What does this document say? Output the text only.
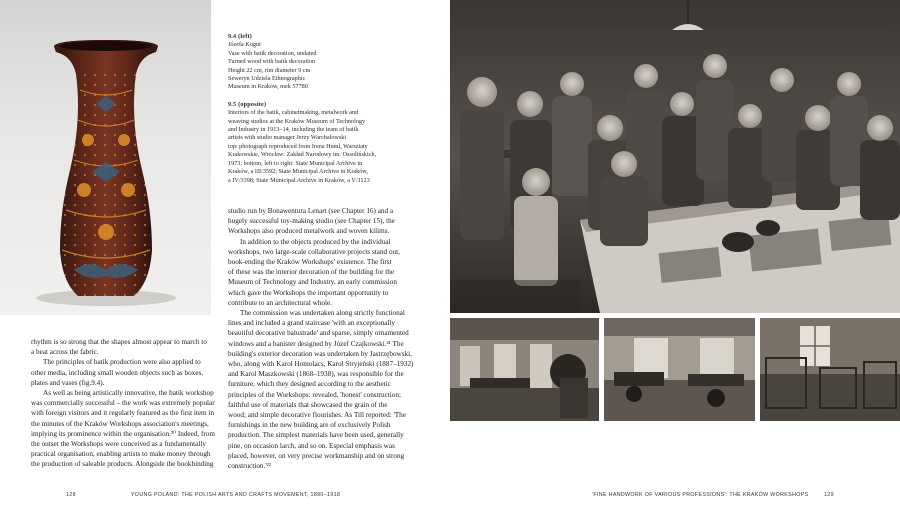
9.4 (left)
Józefa Kogut
Vase with batik decoration, undated
Turned wood with batik decoration
Height 22 cm, rim diameter 9 cm
Seweryn Udziela Ethnographic
Museum in Kraków, mek 57780
9.5 (opposite)
Interiors of the batik, cabinetmaking, metalwork and
weaving studios at the Kraków Museum of Technology
and Industry in 1913–14, including the team of batik
artists with studio manager Jerzy Warchałowski
top: photograph reproduced from Irena Huml, Warsztaty
Krakowskie, Wrocław: Zakład Narodowy im. Ossolińskich,
1973; bottom, left to right: State Municipal Archive in
Kraków, a III/3592; State Municipal Archive in Kraków,
a IV/3398; State Municipal Archive in Kraków, a V/1123

rhythm is so strong that the shapes almost appear to march to
a beat across the fabric.

The principles of batik production were also applied to
other media, including small wooden objects such as boxes,
plates and vases (fig.9.4).

As well as being artistically innovative, the batik workshop
was commercially successful – the work was extremely popular
with foreign visitors and it regularly featured as the first item in
the minutes of the Kraków Workshops association's meetings,
implying its prominence within the organisation.²⁰ Indeed, from
the outset the Workshops were conceived as a fundamentally
practical organisation, enabling artists to make money through
the production of saleable products. Alongside the bookbinding

studio run by Bonawentura Lenart (see Chapter 16) and a
hugely successful toy-making studio (see Chapter 15), the
Workshops also produced metalwork and woven kilims.

In addition to the objects produced by the individual
workshops, two large-scale collaborative projects stand out,
book-ending the Kraków Workshops' existence. The first
of these was the interior decoration of the building for the
Museum of Technology and Industry, an early commission
which gave the Workshops the important opportunity to
contribute to an architectural whole.

The commission was undertaken along strictly functional
lines and included a grand staircase 'with an exceptionally
beautiful decorative balustrade' and sparse, simply ornamented
windows and a banister designed by Józef Czajkowski.²¹ The
building's exterior decoration was undertaken by Jastrzębowski,
who, along with Karol Homolacs, Karol Stryjeński (1887–1932)
and Karol Maszkowski (1868–1938), was responsible for the
furniture, which they designed according to the aesthetic
principles of the Workshops: revealed, 'honest' construction;
faithful use of materials that showcased the grain of the
wood; and simple decorative flourishes. As Till reported: 'The
furnishings in the new building are of exclusively Polish
production. The simplest materials have been used, generally
pine, on occasion larch, and so on. Especial emphasis was
placed, however, on very precise workmanship and on strong
construction.'²²

128	YOUNG POLAND: THE POLISH ARTS AND CRAFTS MOVEMENT, 1890–1918	'FINE HANDWORK OF VARIOUS PROFESSIONS': THE KRAKÓW WORKSHOPS	129
